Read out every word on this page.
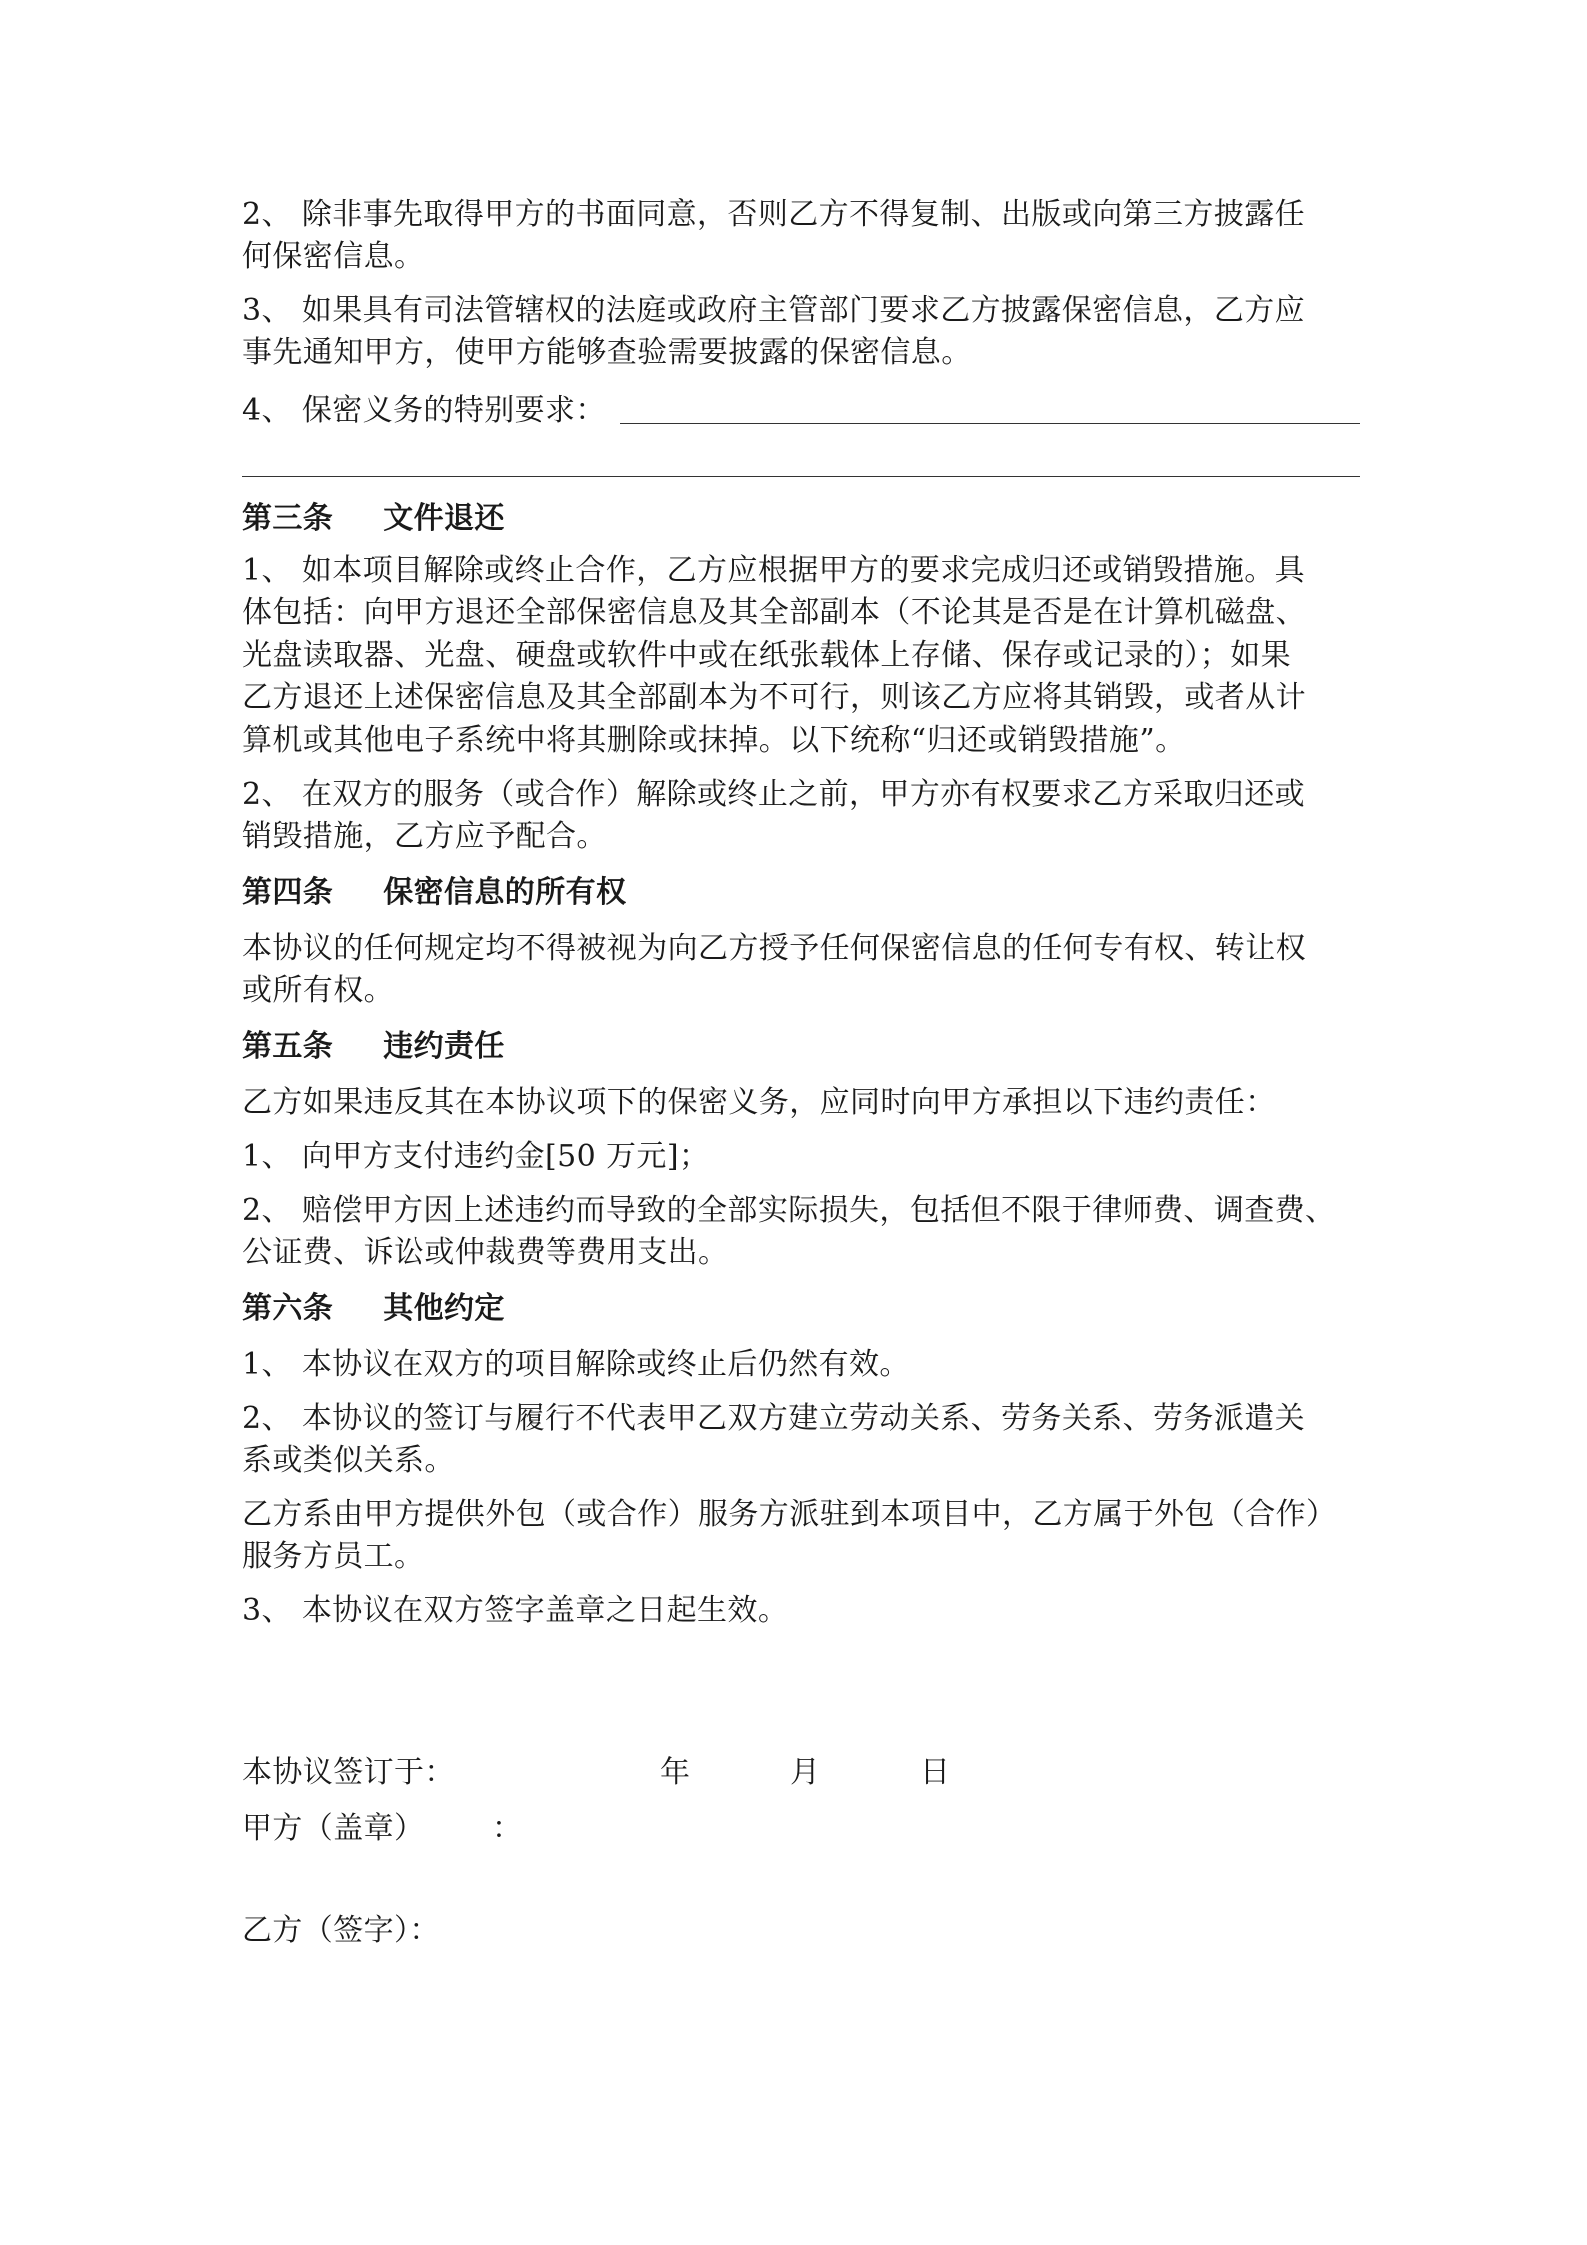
2、 除非事先取得甲方的书面同意，否则乙方不得复制、出版或向第三方披露任
何保密信息。
3、 如果具有司法管辖权的法庭或政府主管部门要求乙方披露保密信息，乙方应
事先通知甲方，使甲方能够查验需要披露的保密信息。
4、 保密义务的特别要求：
第三条 文件退还
1、 如本项目解除或终止合作，乙方应根据甲方的要求完成归还或销毁措施。具
体包括：向甲方退还全部保密信息及其全部副本（不论其是否是在计算机磁盘、
光盘读取器、光盘、硬盘或软件中或在纸张载体上存储、保存或记录的）；如果
乙方退还上述保密信息及其全部副本为不可行，则该乙方应将其销毁，或者从计
算机或其他电子系统中将其删除或抹掉。以下统称“归还或销毁措施”。
2、 在双方的服务（或合作）解除或终止之前，甲方亦有权要求乙方采取归还或
销毁措施，乙方应予配合。
第四条 保密信息的所有权
本协议的任何规定均不得被视为向乙方授予任何保密信息的任何专有权、转让权
或所有权。
第五条 违约责任
乙方如果违反其在本协议项下的保密义务，应同时向甲方承担以下违约责任：
1、 向甲方支付违约金[50 万元]；
2、 赔偿甲方因上述违约而导致的全部实际损失，包括但不限于律师费、调查费、
公证费、诉讼或仲裁费等费用支出。
第六条 其他约定
1、 本协议在双方的项目解除或终止后仍然有效。
2、 本协议的签订与履行不代表甲乙双方建立劳动关系、劳务关系、劳务派遣关
系或类似关系。
乙方系由甲方提供外包（或合作）服务方派驻到本项目中，乙方属于外包（合作）
服务方员工。
3、 本协议在双方签字盖章之日起生效。
本协议签订于：	年	月	日
甲方（盖章） ：
乙方（签字）：
